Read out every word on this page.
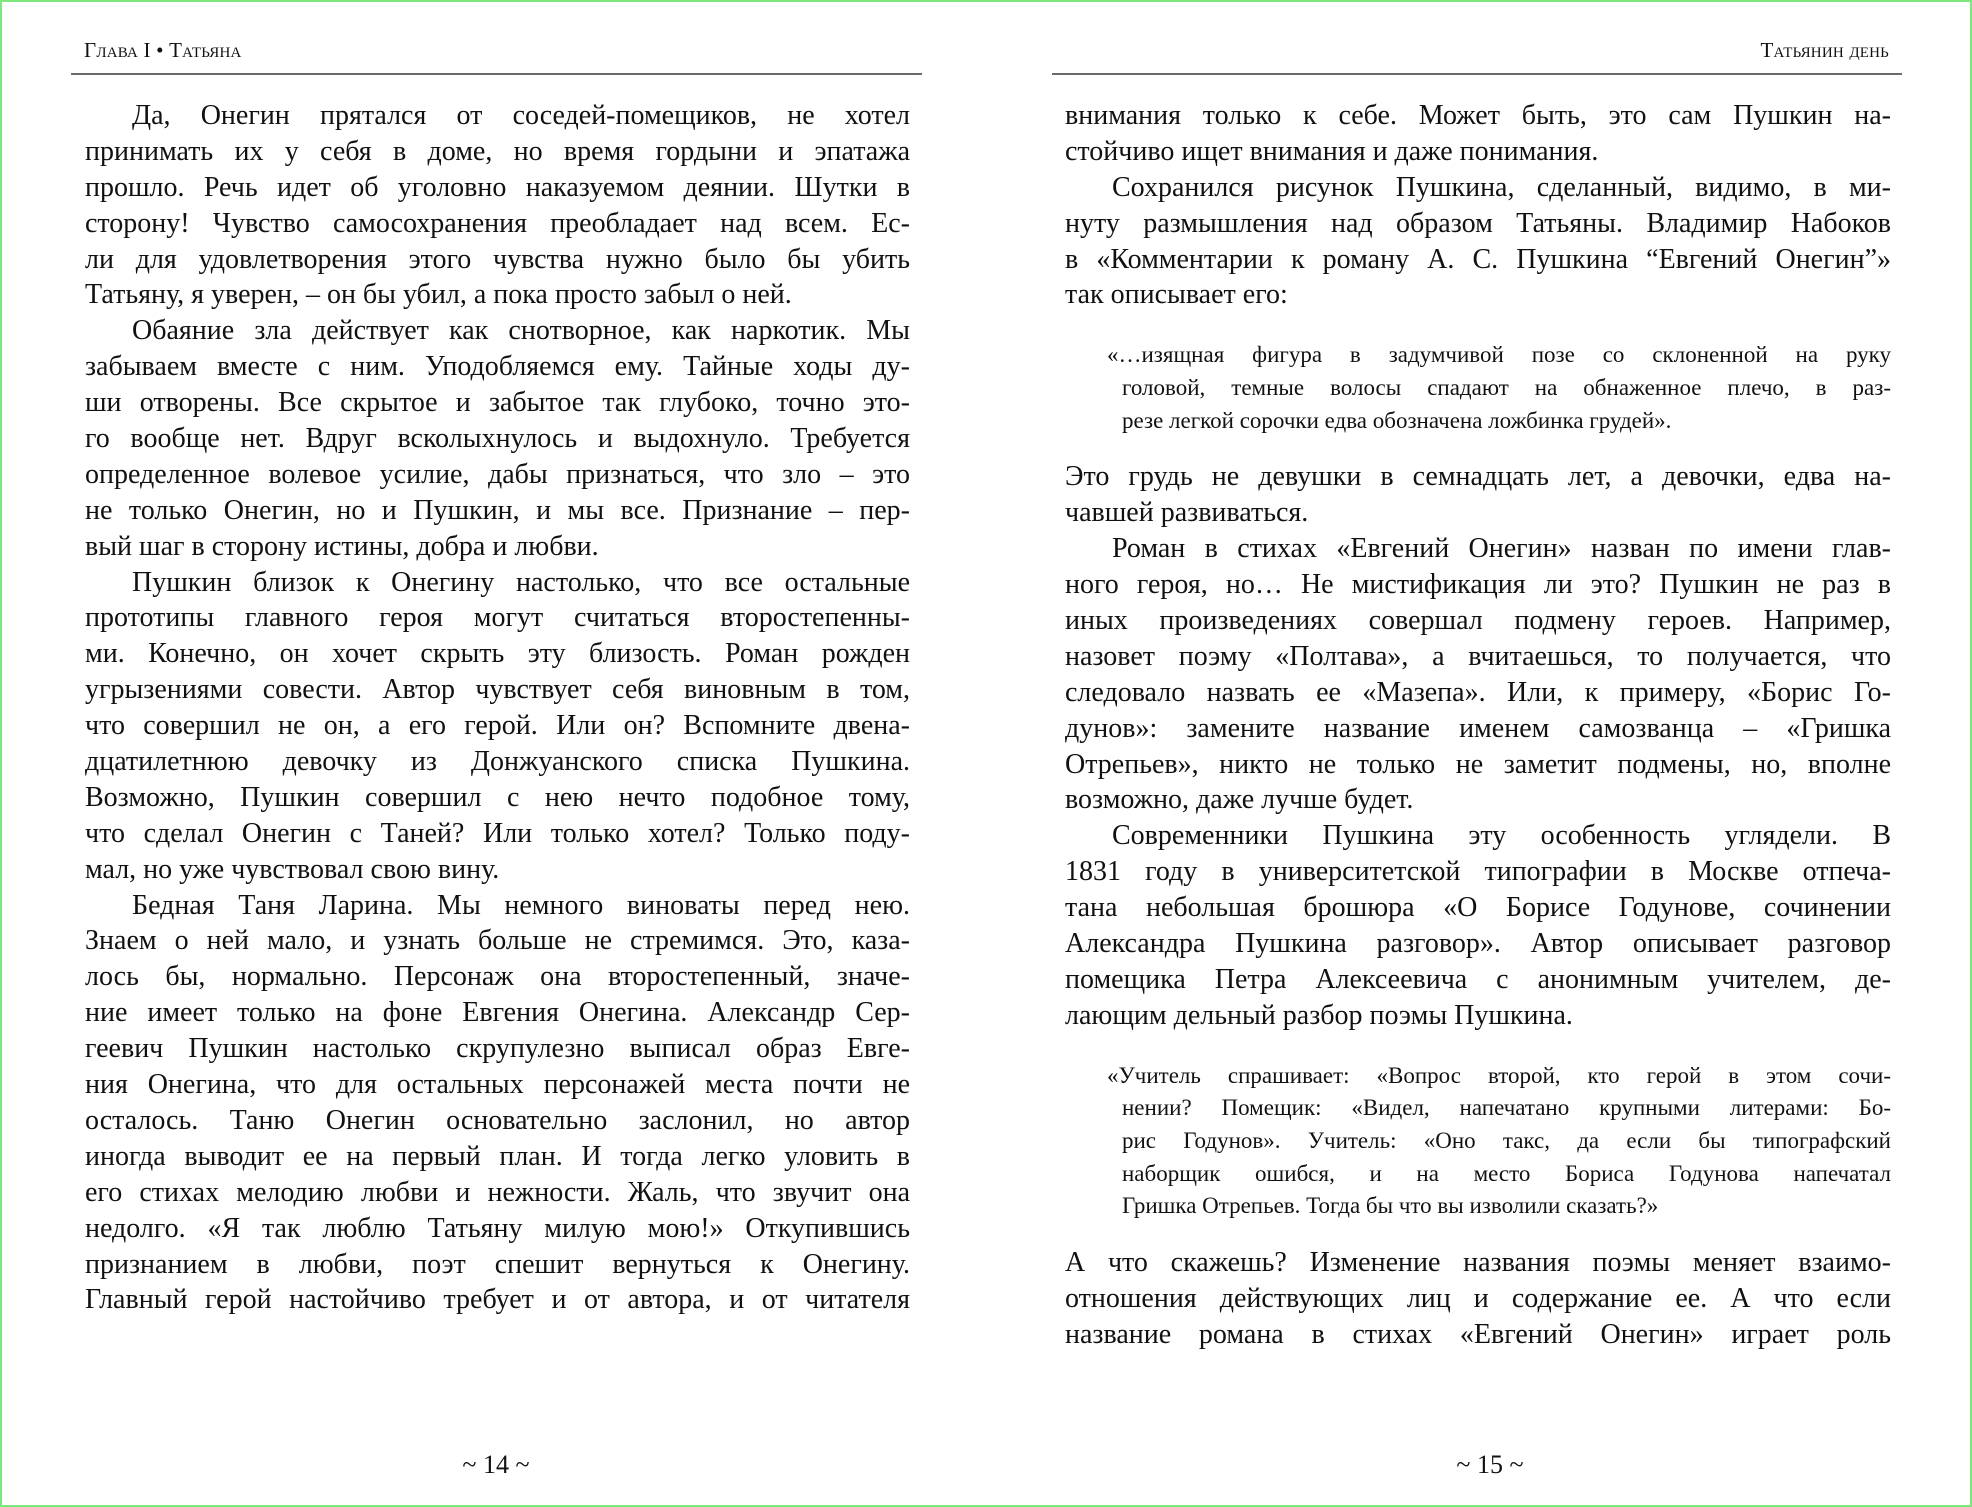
Глава I • Татьяна	Татьянин день
Да, Онегин прятался от соседей-помещиков, не хотел
принимать их у себя в доме, но время гордыни и эпатажа
прошло. Речь идет об уголовно наказуемом деянии. Шутки в
сторону! Чувство самосохранения преобладает над всем. Ес-
ли для удовлетворения этого чувства нужно было бы убить
Татьяну, я уверен, – он бы убил, а пока просто забыл о ней.
Обаяние зла действует как снотворное, как наркотик. Мы
забываем вместе с ним. Уподобляемся ему. Тайные ходы ду-
ши отворены. Все скрытое и забытое так глубоко, точно это-
го вообще нет. Вдруг всколыхнулось и выдохнуло. Требуется
определенное волевое усилие, дабы признаться, что зло – это
не только Онегин, но и Пушкин, и мы все. Признание – пер-
вый шаг в сторону истины, добра и любви.
Пушкин близок к Онегину настолько, что все остальные
прототипы главного героя могут считаться второстепенны-
ми. Конечно, он хочет скрыть эту близость. Роман рожден
угрызениями совести. Автор чувствует себя виновным в том,
что совершил не он, а его герой. Или он? Вспомните двена-
дцатилетнюю девочку из Донжуанского списка Пушкина.
Возможно, Пушкин совершил с нею нечто подобное тому,
что сделал Онегин с Таней? Или только хотел? Только поду-
мал, но уже чувствовал свою вину.
Бедная Таня Ларина. Мы немного виноваты перед нею.
Знаем о ней мало, и узнать больше не стремимся. Это, каза-
лось бы, нормально. Персонаж она второстепенный, значе-
ние имеет только на фоне Евгения Онегина. Александр Сер-
геевич Пушкин настолько скрупулезно выписал образ Евге-
ния Онегина, что для остальных персонажей места почти не
осталось. Таню Онегин основательно заслонил, но автор
иногда выводит ее на первый план. И тогда легко уловить в
его стихах мелодию любви и нежности. Жаль, что звучит она
недолго. «Я так люблю Татьяну милую мою!» Откупившись
признанием в любви, поэт спешит вернуться к Онегину.
Главный герой настойчиво требует и от автора, и от читателя
внимания только к себе. Может быть, это сам Пушкин на-
стойчиво ищет внимания и даже понимания.
Сохранился рисунок Пушкина, сделанный, видимо, в ми-
нуту размышления над образом Татьяны. Владимир Набоков
в «Комментарии к роману А. С. Пушкина “Евгений Онегин”»
так описывает его:
«…изящная фигура в задумчивой позе со склоненной на руку
головой, темные волосы спадают на обнаженное плечо, в раз-
резе легкой сорочки едва обозначена ложбинка грудей».
Это грудь не девушки в семнадцать лет, а девочки, едва на-
чавшей развиваться.
Роман в стихах «Евгений Онегин» назван по имени глав-
ного героя, но… Не мистификация ли это? Пушкин не раз в
иных произведениях совершал подмену героев. Например,
назовет поэму «Полтава», а вчитаешься, то получается, что
следовало назвать ее «Мазепа». Или, к примеру, «Борис Го-
дунов»: замените название именем самозванца – «Гришка
Отрепьев», никто не только не заметит подмены, но, вполне
возможно, даже лучше будет.
Современники Пушкина эту особенность углядели. В
1831 году в университетской типографии в Москве отпеча-
тана небольшая брошюра «О Борисе Годунове, сочинении
Александра Пушкина разговор». Автор описывает разговор
помещика Петра Алексеевича с анонимным учителем, де-
лающим дельный разбор поэмы Пушкина.
«Учитель спрашивает: «Вопрос второй, кто герой в этом сочи-
нении? Помещик: «Видел, напечатано крупными литерами: Бо-
рис Годунов». Учитель: «Оно такс, да если бы типографский
наборщик ошибся, и на место Бориса Годунова напечатал
Гришка Отрепьев. Тогда бы что вы изволили сказать?»
А что скажешь? Изменение названия поэмы меняет взаимо-
отношения действующих лиц и содержание ее. А что если
название романа в стихах «Евгений Онегин» играет роль
~ 14 ~	~ 15 ~
